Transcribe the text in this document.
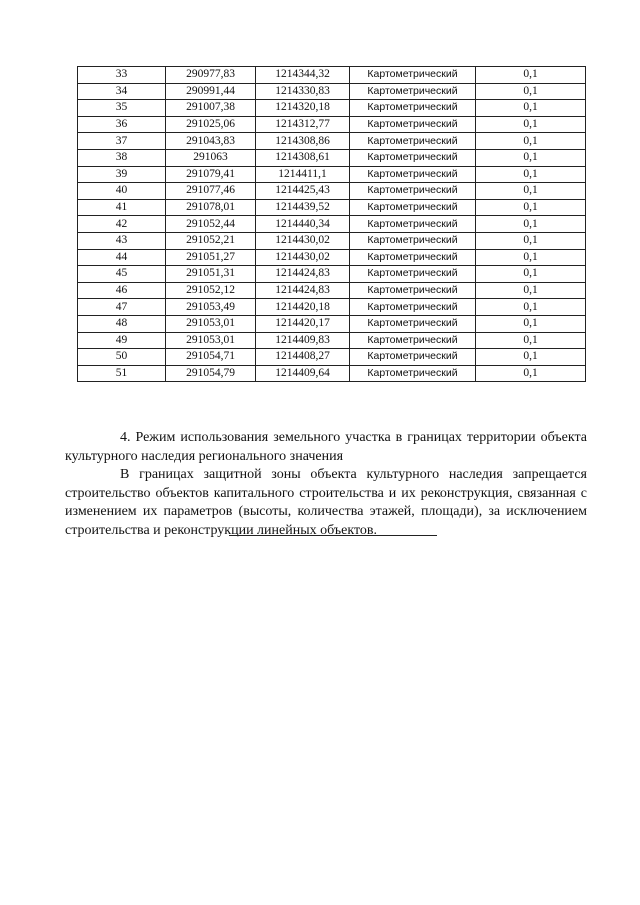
33	290977,83	1214344,32	Картометрический	0,1
34	290991,44	1214330,83	Картометрический	0,1
35	291007,38	1214320,18	Картометрический	0,1
36	291025,06	1214312,77	Картометрический	0,1
37	291043,83	1214308,86	Картометрический	0,1
38	291063	1214308,61	Картометрический	0,1
39	291079,41	1214411,1	Картометрический	0,1
40	291077,46	1214425,43	Картометрический	0,1
41	291078,01	1214439,52	Картометрический	0,1
42	291052,44	1214440,34	Картометрический	0,1
43	291052,21	1214430,02	Картометрический	0,1
44	291051,27	1214430,02	Картометрический	0,1
45	291051,31	1214424,83	Картометрический	0,1
46	291052,12	1214424,83	Картометрический	0,1
47	291053,49	1214420,18	Картометрический	0,1
48	291053,01	1214420,17	Картометрический	0,1
49	291053,01	1214409,83	Картометрический	0,1
50	291054,71	1214408,27	Картометрический	0,1
51	291054,79	1214409,64	Картометрический	0,1

4. Режим использования земельного участка в границах территории объекта культурного наследия регионального значения

В границах защитной зоны объекта культурного наследия запрещается строительство объектов капитального строительства и их реконструкция, связанная с изменением их параметров (высоты, количества этажей, площади), за исключением строительства и реконструкции линейных объектов.
